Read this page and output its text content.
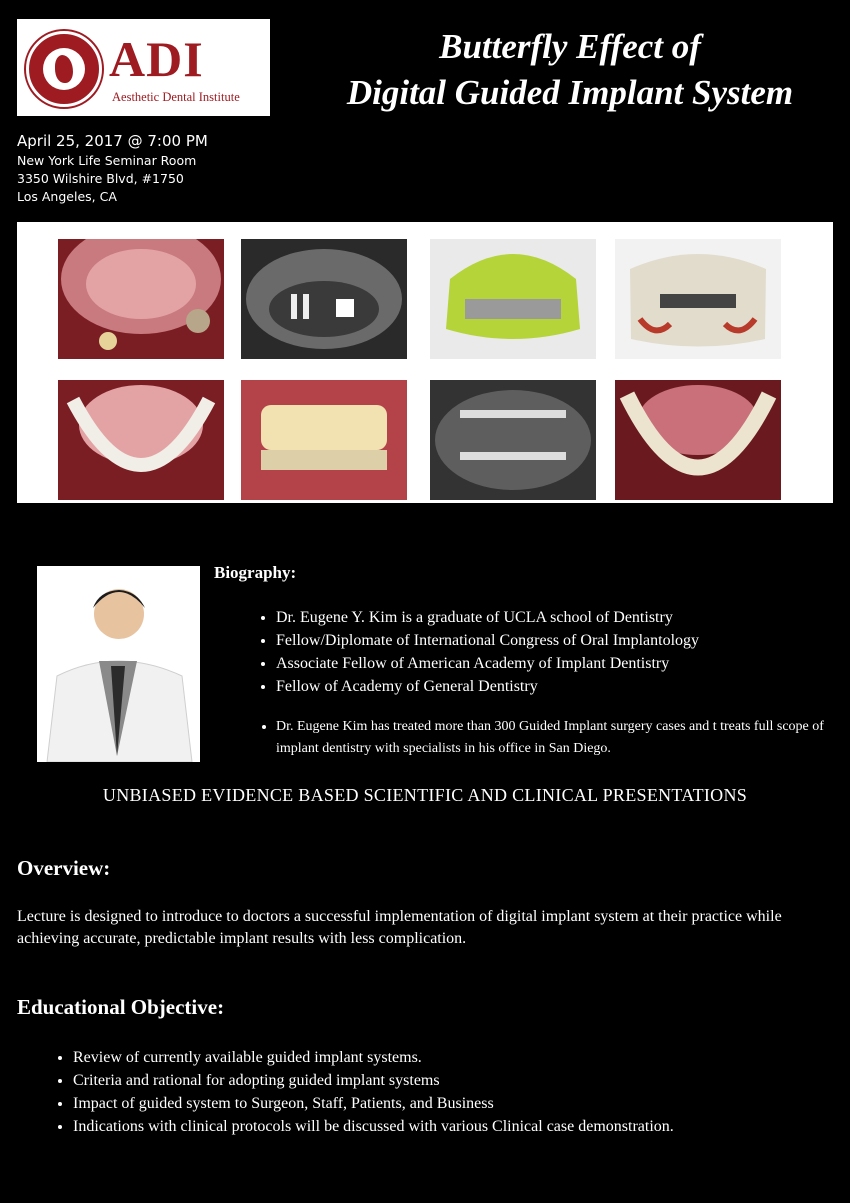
ADI
Aesthetic Dental Institute
Butterfly Effect of
Digital Guided Implant System
April 25, 2017 @ 7:00 PM
New York Life Seminar Room
3350 Wilshire Blvd, #1750
Los Angeles, CA
Biography:
• Dr. Eugene Y. Kim is a graduate of UCLA school of Dentistry
• Fellow/Diplomate of International Congress of Oral Implantology
• Associate Fellow of American Academy of Implant Dentistry
• Fellow of Academy of General Dentistry
• Dr. Eugene Kim has treated more than 300 Guided Implant surgery cases and t treats full scope of implant dentistry with specialists in his office in San Diego.
UNBIASED EVIDENCE BASED SCIENTIFIC AND CLINICAL PRESENTATIONS
Overview:
Lecture is designed to introduce to doctors a successful implementation of digital implant system at their practice while achieving accurate, predictable implant results with less complication.
Educational Objective:
• Review of currently available guided implant systems.
• Criteria and rational for adopting guided implant systems
• Impact of guided system to Surgeon, Staff, Patients, and Business
• Indications with clinical protocols will be discussed with various Clinical case demonstration.
